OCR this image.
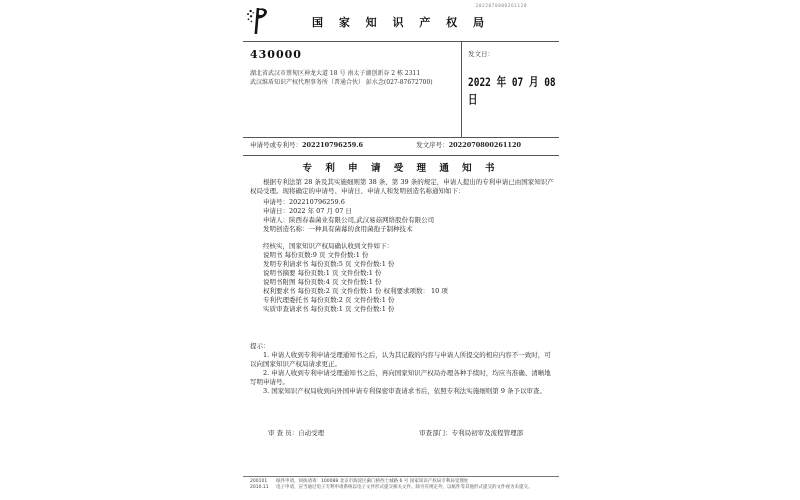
国 家 知 识 产 权 局
2022070800261120
430000
湖北省武汉市蔡甸区神龙大道 18 号 南太子湖创新谷 2 栋 2311
武汉维盾知识产权代理事务所（普通合伙） 彭水念(027-87672700)
发文日：
2022 年 07 月 08 日
申请号或专利号：202210796259.6	发文序号：2022070800261120
专 利 申 请 受 理 通 知 书
根据专利法第 28 条及其实施细则第 38 条、第 39 条的规定，申请人提出的专利申请已由国家知识产权局受理。现将确定的申请号、申请日、申请人和发明创造名称通知如下：
申请号：202210796259.6
申请日：2022 年 07 月 07 日
申请人：陕西春森菌业有限公司,武汉易菇网络股份有限公司
发明创造名称：一种具有菌幕的食用菌孢子制种技术
经核实，国家知识产权局确认收到文件如下：
说明书 每份页数:9 页 文件份数:1 份
发明专利请求书 每份页数:5 页 文件份数:1 份
说明书摘要 每份页数:1 页 文件份数:1 份
说明书附图 每份页数:4 页 文件份数:1 份
权利要求书 每份页数:2 页 文件份数:1 份 权利要求项数： 10 项
专利代理委托书 每份页数:2 页 文件份数:1 份
实质审查请求书 每份页数:1 页 文件份数:1 份
提示：
1. 申请人收到专利申请受理通知书之后，认为其记载的内容与申请人所提交的相应内容不一致时，可以向国家知识产权局请求更正。
2. 申请人收到专利申请受理通知书之后，再向国家知识产权局办理各种手续时，均应当准确、清晰地写明申请号。
3. 国家知识产权局收到向外国申请专利保密审查请求书后，依照专利法实施细则第 9 条予以审查。
审 查 员：自动受理	审查部门：专利局初审及流程管理部
200101	纸件申请，回执请寄：100088 北京市海淀区蓟门桥西土城路 6 号 国家知识产权局专利局受理处
2010.11	电子申请，应当通过电子专利申请系统以电子文件形式提交相关文件。除另有规定外，以纸件等其他形式提交的文件视为未提交。
